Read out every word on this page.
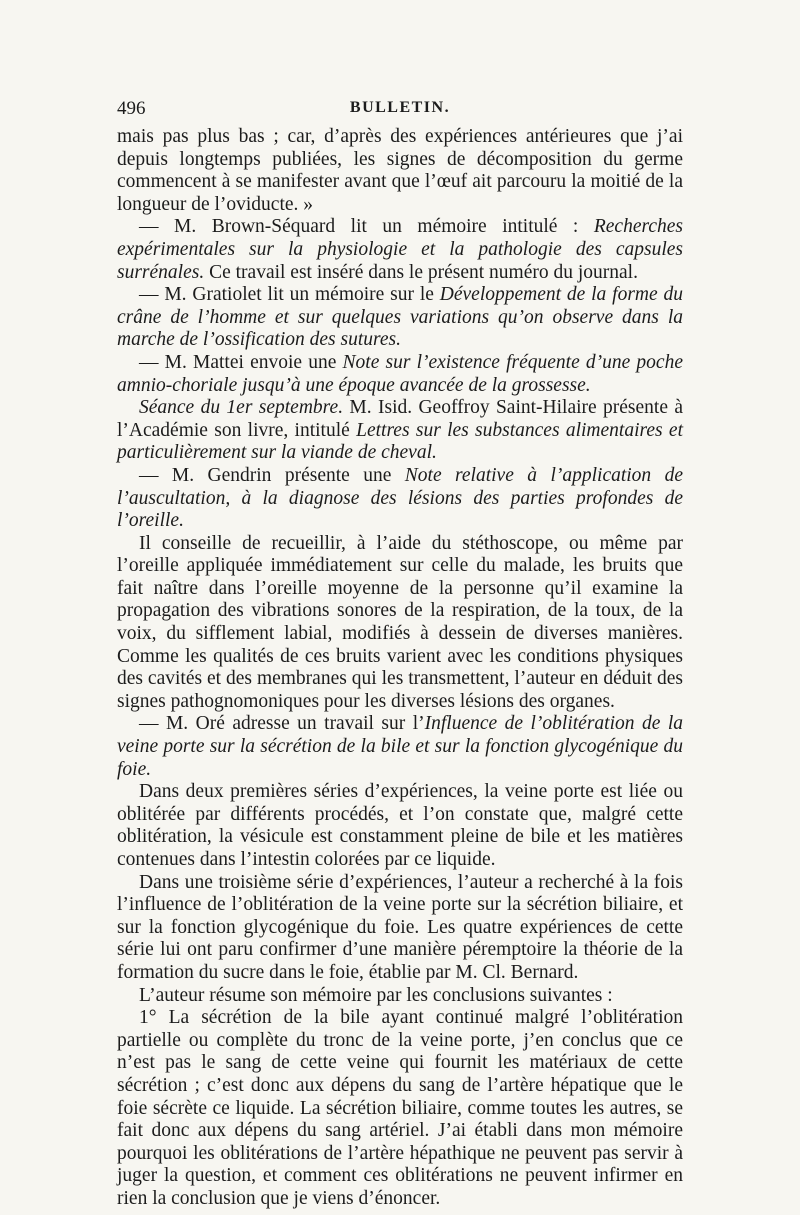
496	BULLETIN.

mais pas plus bas ; car, d’après des expériences antérieures que j’ai depuis longtemps publiées, les signes de décomposition du germe commencent à se manifester avant que l’œuf ait parcouru la moitié de la longueur de l’oviducte. »

— M. Brown-Séquard lit un mémoire intitulé : Recherches expérimentales sur la physiologie et la pathologie des capsules surrénales. Ce travail est inséré dans le présent numéro du journal.

— M. Gratiolet lit un mémoire sur le Développement de la forme du crâne de l’homme et sur quelques variations qu’on observe dans la marche de l’ossification des sutures.

— M. Mattei envoie une Note sur l’existence fréquente d’une poche amnio-choriale jusqu’à une époque avancée de la grossesse.

Séance du 1er septembre. M. Isid. Geoffroy Saint-Hilaire présente à l’Académie son livre, intitulé Lettres sur les substances alimentaires et particulièrement sur la viande de cheval.

— M. Gendrin présente une Note relative à l’application de l’auscultation, à la diagnose des lésions des parties profondes de l’oreille.

Il conseille de recueillir, à l’aide du stéthoscope, ou même par l’oreille appliquée immédiatement sur celle du malade, les bruits que fait naître dans l’oreille moyenne de la personne qu’il examine la propagation des vibrations sonores de la respiration, de la toux, de la voix, du sifflement labial, modifiés à dessein de diverses manières. Comme les qualités de ces bruits varient avec les conditions physiques des cavités et des membranes qui les transmettent, l’auteur en déduit des signes pathognomoniques pour les diverses lésions des organes.

— M. Oré adresse un travail sur l’Influence de l’oblitération de la veine porte sur la sécrétion de la bile et sur la fonction glycogénique du foie.

Dans deux premières séries d’expériences, la veine porte est liée ou oblitérée par différents procédés, et l’on constate que, malgré cette oblitération, la vésicule est constamment pleine de bile et les matières contenues dans l’intestin colorées par ce liquide.

Dans une troisième série d’expériences, l’auteur a recherché à la fois l’influence de l’oblitération de la veine porte sur la sécrétion biliaire, et sur la fonction glycogénique du foie. Les quatre expériences de cette série lui ont paru confirmer d’une manière péremptoire la théorie de la formation du sucre dans le foie, établie par M. Cl. Bernard.

L’auteur résume son mémoire par les conclusions suivantes :

1° La sécrétion de la bile ayant continué malgré l’oblitération partielle ou complète du tronc de la veine porte, j’en conclus que ce n’est pas le sang de cette veine qui fournit les matériaux de cette sécrétion ; c’est donc aux dépens du sang de l’artère hépatique que le foie sécrète ce liquide. La sécrétion biliaire, comme toutes les autres, se fait donc aux dépens du sang artériel. J’ai établi dans mon mémoire pourquoi les oblitérations de l’artère hépathique ne peuvent pas servir à juger la question, et comment ces oblitérations ne peuvent infirmer en rien la conclusion que je viens d’énoncer.
